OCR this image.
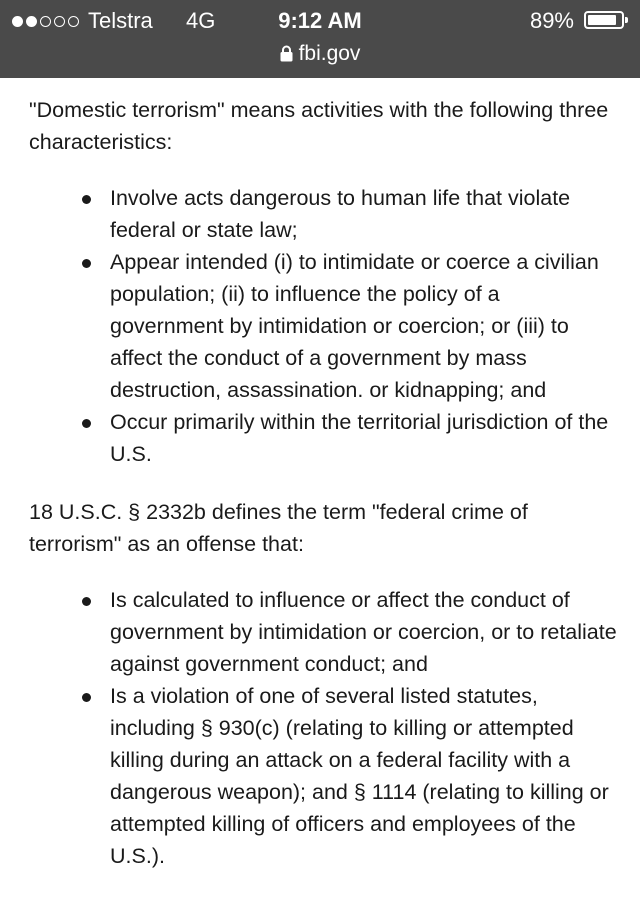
Telstra 4G	9:12 AM	89%
fbi.gov

"Domestic terrorism" means activities with the following three characteristics:

Involve acts dangerous to human life that violate federal or state law;
Appear intended (i) to intimidate or coerce a civilian population; (ii) to influence the policy of a government by intimidation or coercion; or (iii) to affect the conduct of a government by mass destruction, assassination. or kidnapping; and
Occur primarily within the territorial jurisdiction of the U.S.

18 U.S.C. § 2332b defines the term "federal crime of terrorism" as an offense that:

Is calculated to influence or affect the conduct of government by intimidation or coercion, or to retaliate against government conduct; and
Is a violation of one of several listed statutes, including § 930(c) (relating to killing or attempted killing during an attack on a federal facility with a dangerous weapon); and § 1114 (relating to killing or attempted killing of officers and employees of the U.S.).
